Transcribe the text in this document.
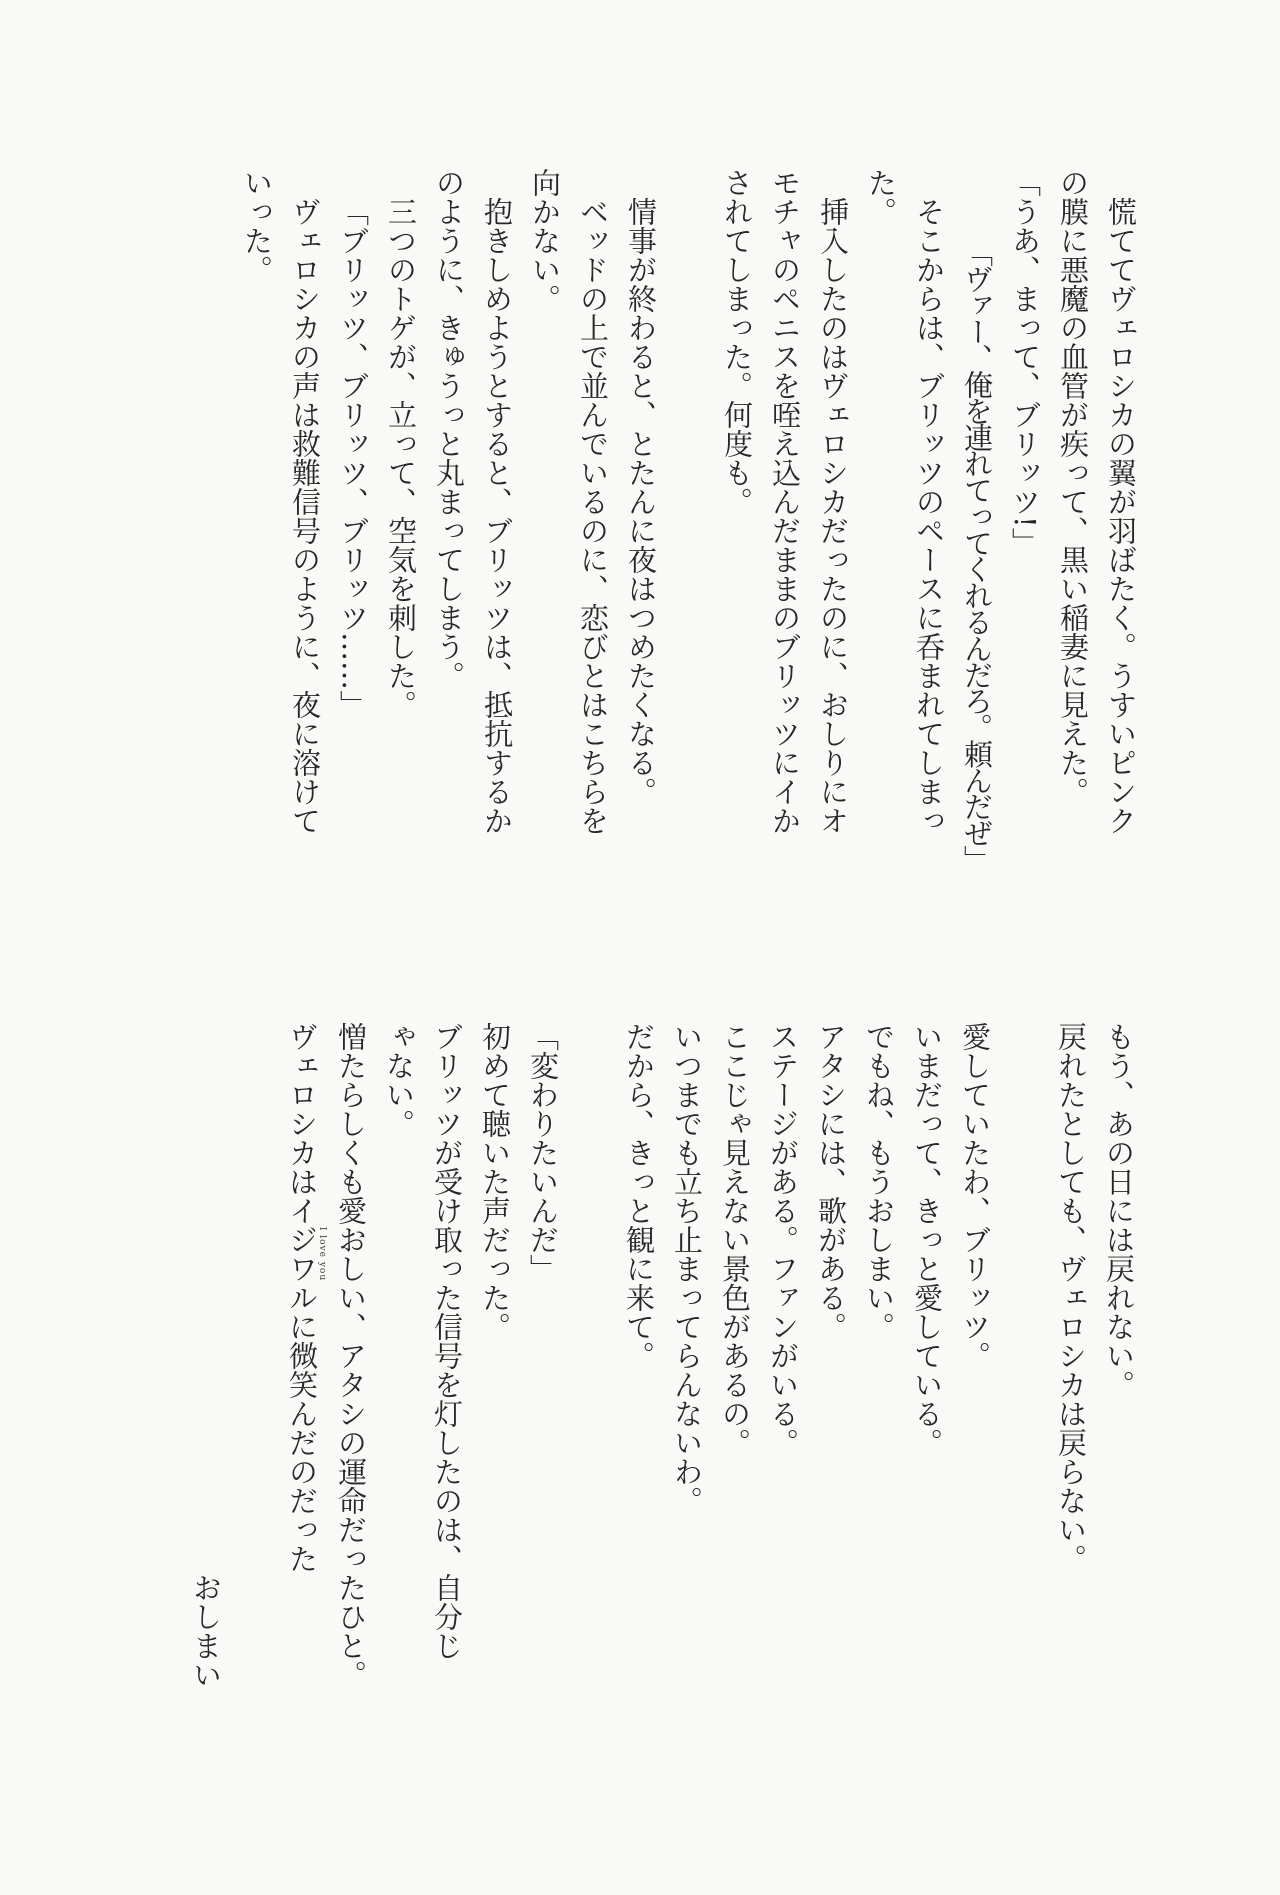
慌ててヴェロシカの翼が羽ばたく。うすいピンク
の膜に悪魔の血管が疾って、黒い稲妻に見えた。
「うあ、まって、ブリッツ!」
「ヴァー、俺を連れてってくれるんだろ。頼んだぜ」
そこからは、ブリッツのペースに呑まれてしまっ
た。
挿入したのはヴェロシカだったのに、おしりにオ
モチャのペニスを咥え込んだままのブリッツにイか
されてしまった。何度も。
情事が終わると、とたんに夜はつめたくなる。
ベッドの上で並んでいるのに、恋びとはこちらを
向かない。
抱きしめようとすると、ブリッツは、抵抗するか
のように、きゅうっと丸まってしまう。
三つのトゲが、立って、空気を刺した。
「ブリッツ、ブリッツ、ブリッツ……」
ヴェロシカの声は救難信号のように、夜に溶けて
いった。
もう、あの日には戻れない。
戻れたとしても、ヴェロシカは戻らない。
愛していたわ、ブリッツ。
いまだって、きっと愛している。
でもね、もうおしまい。
アタシには、歌がある。
ステージがある。ファンがいる。
ここじゃ見えない景色があるの。
いつまでも立ち止まってらんないわ。
だから、きっと観に来て。
「変わりたいんだ」
初めて聴いた声だった。
ブリッツが受け取った信号を灯したのは、自分じ
ゃない。
憎たらしくも愛おしい、アタシの運命だったひと。
ヴェロシカはイジワルI love youに微笑んだのだった
おしまい
